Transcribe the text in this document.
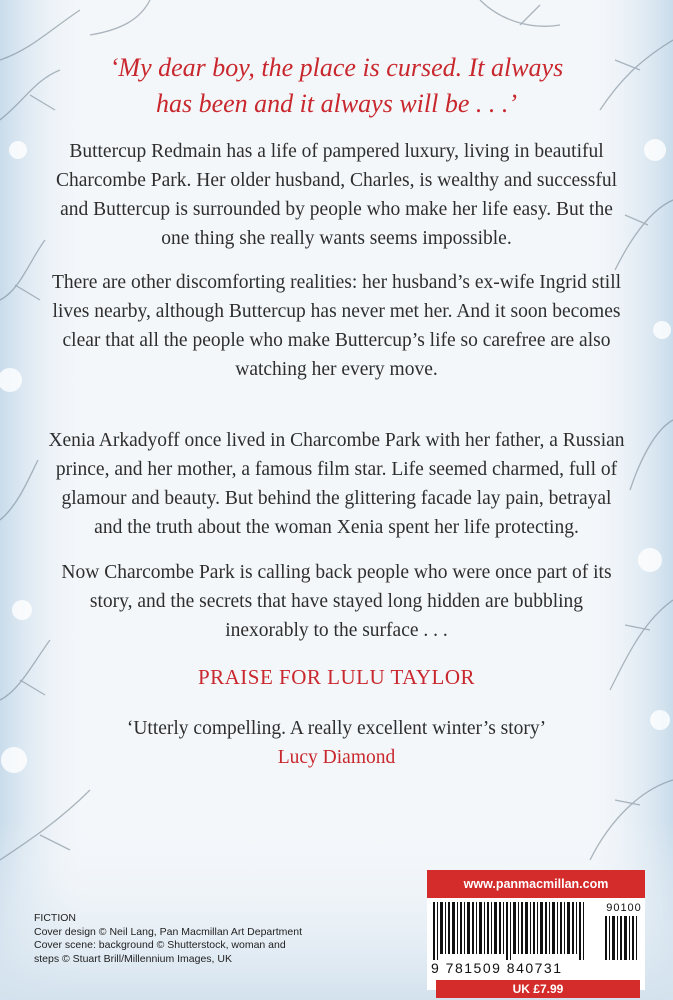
‘My dear boy, the place is cursed. It always
has been and it always will be . . .’
Buttercup Redmain has a life of pampered luxury, living in beautiful Charcombe Park. Her older husband, Charles, is wealthy and successful and Buttercup is surrounded by people who make her life easy. But the one thing she really wants seems impossible.
There are other discomforting realities: her husband’s ex-wife Ingrid still lives nearby, although Buttercup has never met her. And it soon becomes clear that all the people who make Buttercup’s life so carefree are also watching her every move.
Xenia Arkadyoff once lived in Charcombe Park with her father, a Russian prince, and her mother, a famous film star. Life seemed charmed, full of glamour and beauty. But behind the glittering facade lay pain, betrayal and the truth about the woman Xenia spent her life protecting.
Now Charcombe Park is calling back people who were once part of its story, and the secrets that have stayed long hidden are bubbling inexorably to the surface . . .
PRAISE FOR LULU TAYLOR
‘Utterly compelling. A really excellent winter’s story’
Lucy Diamond
FICTION
Cover design © Neil Lang, Pan Macmillan Art Department
Cover scene: background © Shutterstock, woman and
steps © Stuart Brill/Millennium Images, UK
www.panmacmillan.com
90100
9 781509 840731
UK £7.99
